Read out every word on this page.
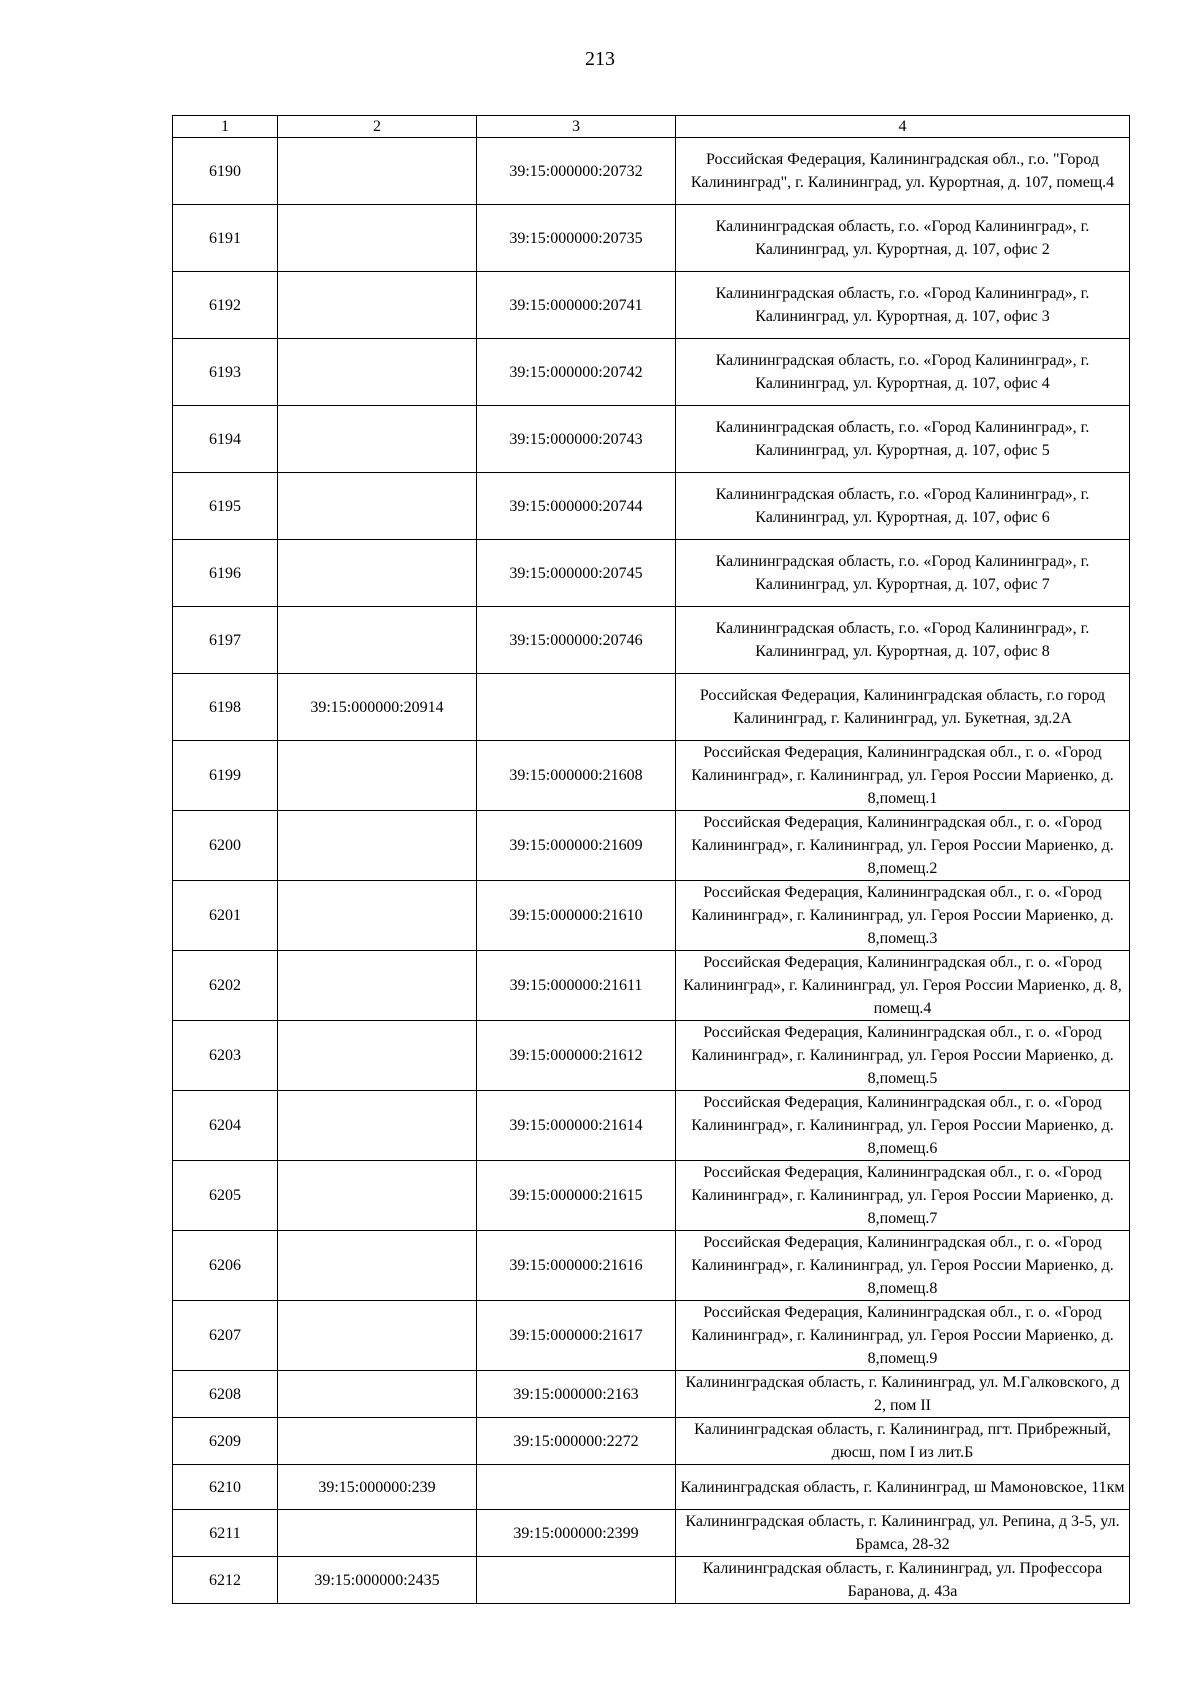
213
1	2	3	4
6190		39:15:000000:20732	Российская Федерация, Калининградская обл., г.о. "Город Калининград", г. Калининград, ул. Курортная, д. 107, помещ.4
6191		39:15:000000:20735	Калининградская область, г.о. «Город Калининград», г. Калининград, ул. Курортная, д. 107, офис 2
6192		39:15:000000:20741	Калининградская область, г.о. «Город Калининград», г. Калининград, ул. Курортная, д. 107, офис 3
6193		39:15:000000:20742	Калининградская область, г.о. «Город Калининград», г. Калининград, ул. Курортная, д. 107, офис 4
6194		39:15:000000:20743	Калининградская область, г.о. «Город Калининград», г. Калининград, ул. Курортная, д. 107, офис 5
6195		39:15:000000:20744	Калининградская область, г.о. «Город Калининград», г. Калининград, ул. Курортная, д. 107, офис 6
6196		39:15:000000:20745	Калининградская область, г.о. «Город Калининград», г. Калининград, ул. Курортная, д. 107, офис 7
6197		39:15:000000:20746	Калининградская область, г.о. «Город Калининград», г. Калининград, ул. Курортная, д. 107, офис 8
6198	39:15:000000:20914		Российская Федерация, Калининградская область, г.о город Калининград, г. Калининград, ул. Букетная, зд.2А
6199		39:15:000000:21608	Российская Федерация, Калининградская обл., г. о. «Город Калининград», г. Калининград, ул. Героя России Мариенко, д. 8,помещ.1
6200		39:15:000000:21609	Российская Федерация, Калининградская обл., г. о. «Город Калининград», г. Калининград, ул. Героя России Мариенко, д. 8,помещ.2
6201		39:15:000000:21610	Российская Федерация, Калининградская обл., г. о. «Город Калининград», г. Калининград, ул. Героя России Мариенко, д. 8,помещ.3
6202		39:15:000000:21611	Российская Федерация, Калининградская обл., г. о. «Город Калининград», г. Калининград, ул. Героя России Мариенко, д. 8, помещ.4
6203		39:15:000000:21612	Российская Федерация, Калининградская обл., г. о. «Город Калининград», г. Калининград, ул. Героя России Мариенко, д. 8,помещ.5
6204		39:15:000000:21614	Российская Федерация, Калининградская обл., г. о. «Город Калининград», г. Калининград, ул. Героя России Мариенко, д. 8,помещ.6
6205		39:15:000000:21615	Российская Федерация, Калининградская обл., г. о. «Город Калининград», г. Калининград, ул. Героя России Мариенко, д. 8,помещ.7
6206		39:15:000000:21616	Российская Федерация, Калининградская обл., г. о. «Город Калининград», г. Калининград, ул. Героя России Мариенко, д. 8,помещ.8
6207		39:15:000000:21617	Российская Федерация, Калининградская обл., г. о. «Город Калининград», г. Калининград, ул. Героя России Мариенко, д. 8,помещ.9
6208		39:15:000000:2163	Калининградская область, г. Калининград, ул. М.Галковского, д 2, пом II
6209		39:15:000000:2272	Калининградская область, г. Калининград, пгт. Прибрежный, дюсш, пом I из лит.Б
6210	39:15:000000:239		Калининградская область, г. Калининград, ш Мамоновское, 11км
6211		39:15:000000:2399	Калининградская область, г. Калининград, ул. Репина, д 3-5, ул. Брамса, 28-32
6212	39:15:000000:2435		Калининградская область, г. Калининград, ул. Профессора Баранова, д. 43а
